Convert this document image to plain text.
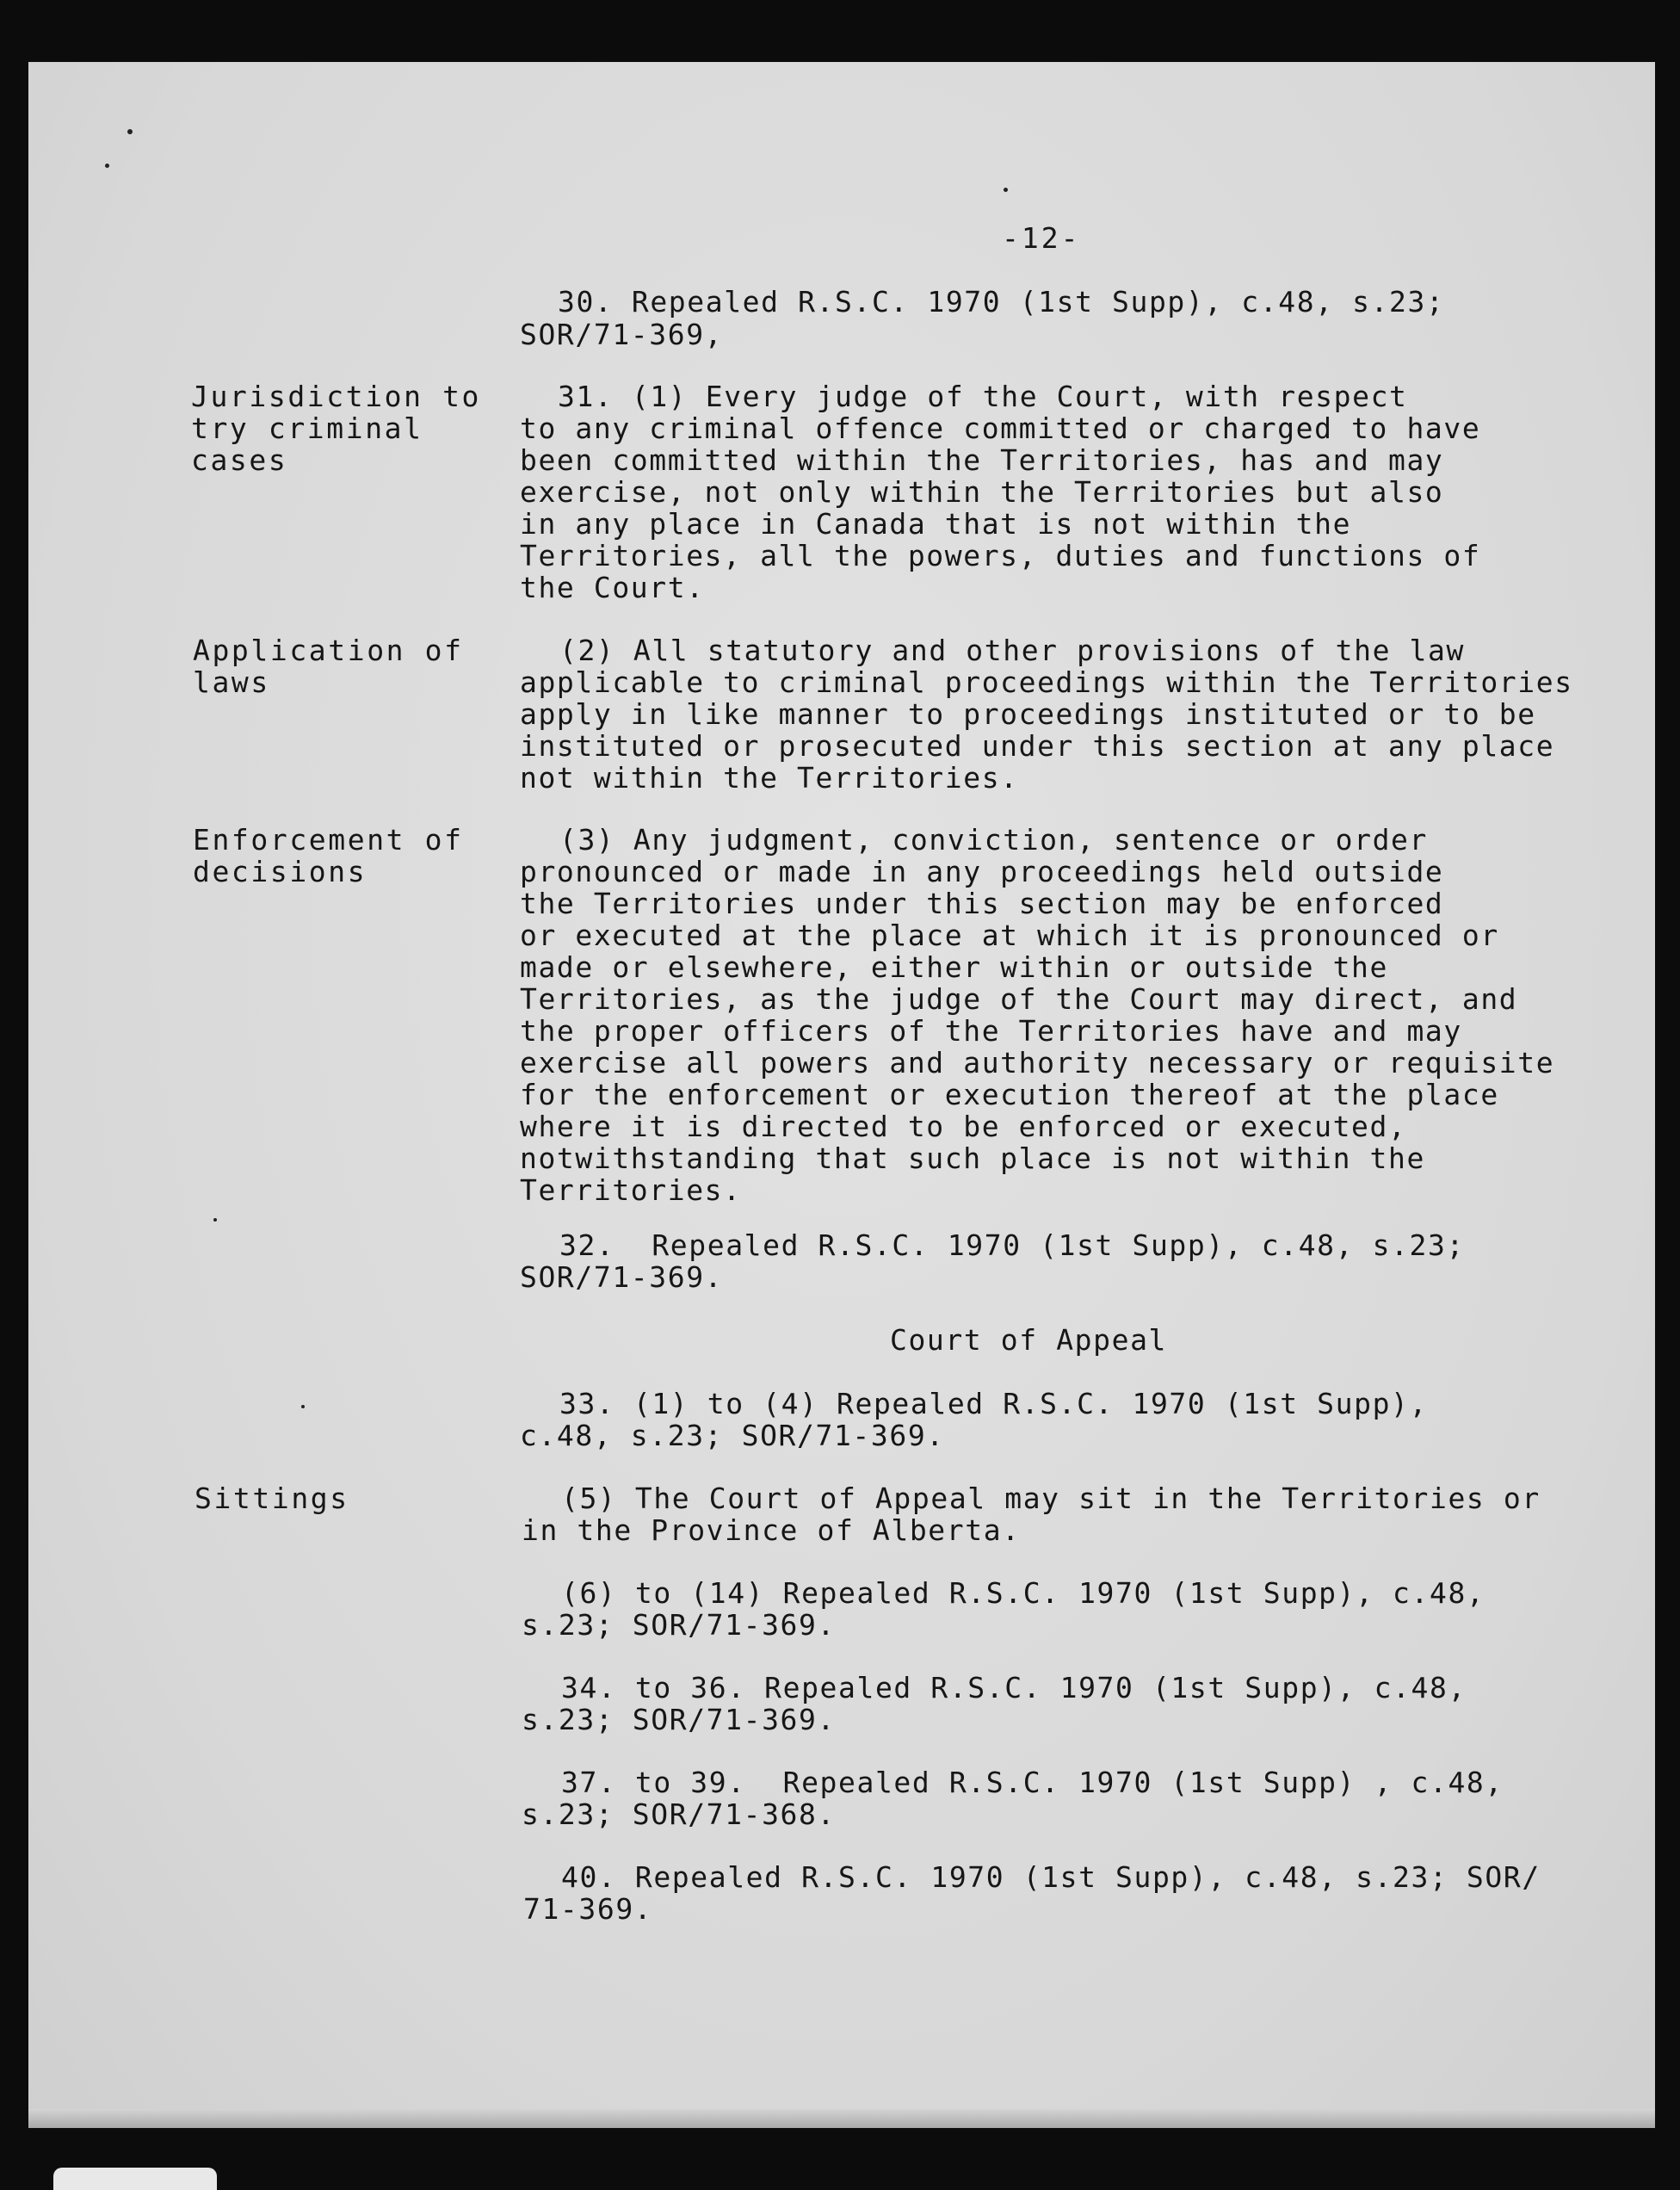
-12-
30. Repealed R.S.C. 1970 (1st Supp), c.48, s.23;
SOR/71-369,
Jurisdiction to
try criminal
cases
31. (1) Every judge of the Court, with respect
to any criminal offence committed or charged to have
been committed within the Territories, has and may
exercise, not only within the Territories but also
in any place in Canada that is not within the
Territories, all the powers, duties and functions of
the Court.
Application of
laws
(2) All statutory and other provisions of the law
applicable to criminal proceedings within the Territories
apply in like manner to proceedings instituted or to be
instituted or prosecuted under this section at any place
not within the Territories.
Enforcement of
decisions
(3) Any judgment, conviction, sentence or order
pronounced or made in any proceedings held outside
the Territories under this section may be enforced
or executed at the place at which it is pronounced or
made or elsewhere, either within or outside the
Territories, as the judge of the Court may direct, and
the proper officers of the Territories have and may
exercise all powers and authority necessary or requisite
for the enforcement or execution thereof at the place
where it is directed to be enforced or executed,
notwithstanding that such place is not within the
Territories.
32.  Repealed R.S.C. 1970 (1st Supp), c.48, s.23;
SOR/71-369.
Court of Appeal
33. (1) to (4) Repealed R.S.C. 1970 (1st Supp),
c.48, s.23; SOR/71-369.
Sittings	(5) The Court of Appeal may sit in the Territories or
in the Province of Alberta.
(6) to (14) Repealed R.S.C. 1970 (1st Supp), c.48,
s.23; SOR/71-369.
34. to 36. Repealed R.S.C. 1970 (1st Supp), c.48,
s.23; SOR/71-369.
37. to 39.  Repealed R.S.C. 1970 (1st Supp) , c.48,
s.23; SOR/71-368.
40. Repealed R.S.C. 1970 (1st Supp), c.48, s.23; SOR/
71-369.
